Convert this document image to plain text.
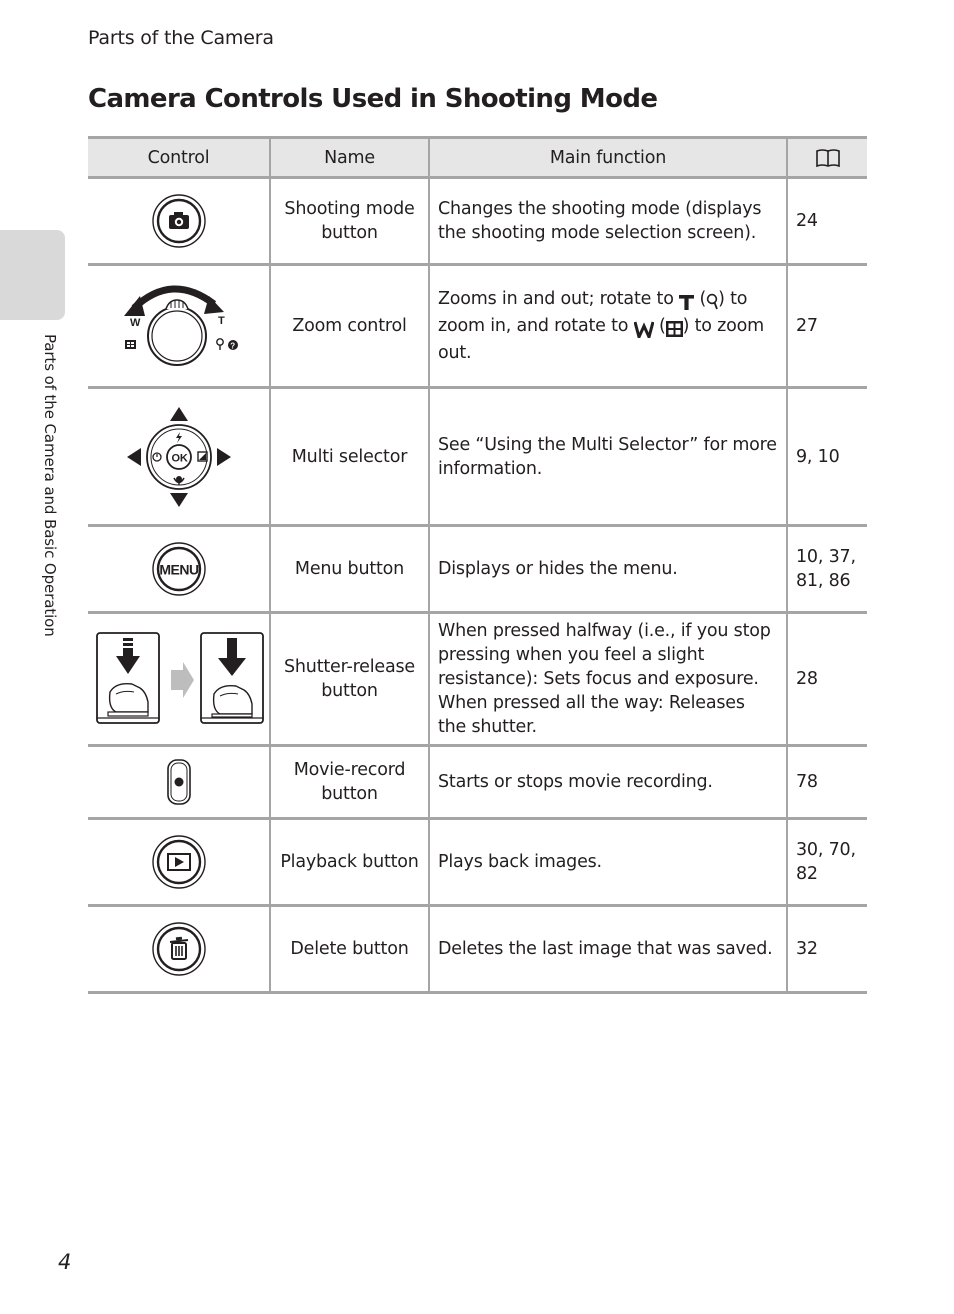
Parts of the Camera
Camera Controls Used in Shooting Mode
Parts of the Camera and Basic Operation
Control	Name	Main function	
	Shooting mode button	Changes the shooting mode (displays the shooting mode selection screen).	24

W T
?	Zoom control	Zooms in and out; rotate to  ( ) to zoom in, and rotate to  ( ) to zoom out.	27

OK	Multi selector	See “Using the Multi Selector” for more information.	9, 10

MENU	Menu button	Displays or hides the menu.	10, 37, 81, 86
	Shutter-release button	When pressed halfway (i.e., if you stop pressing when you feel a slight resistance): Sets focus and exposure. When pressed all the way: Releases the shutter.	28
	Movie-record button	Starts or stops movie recording.	78
	Playback button	Plays back images.	30, 70, 82
	Delete button	Deletes the last image that was saved.	32
4
